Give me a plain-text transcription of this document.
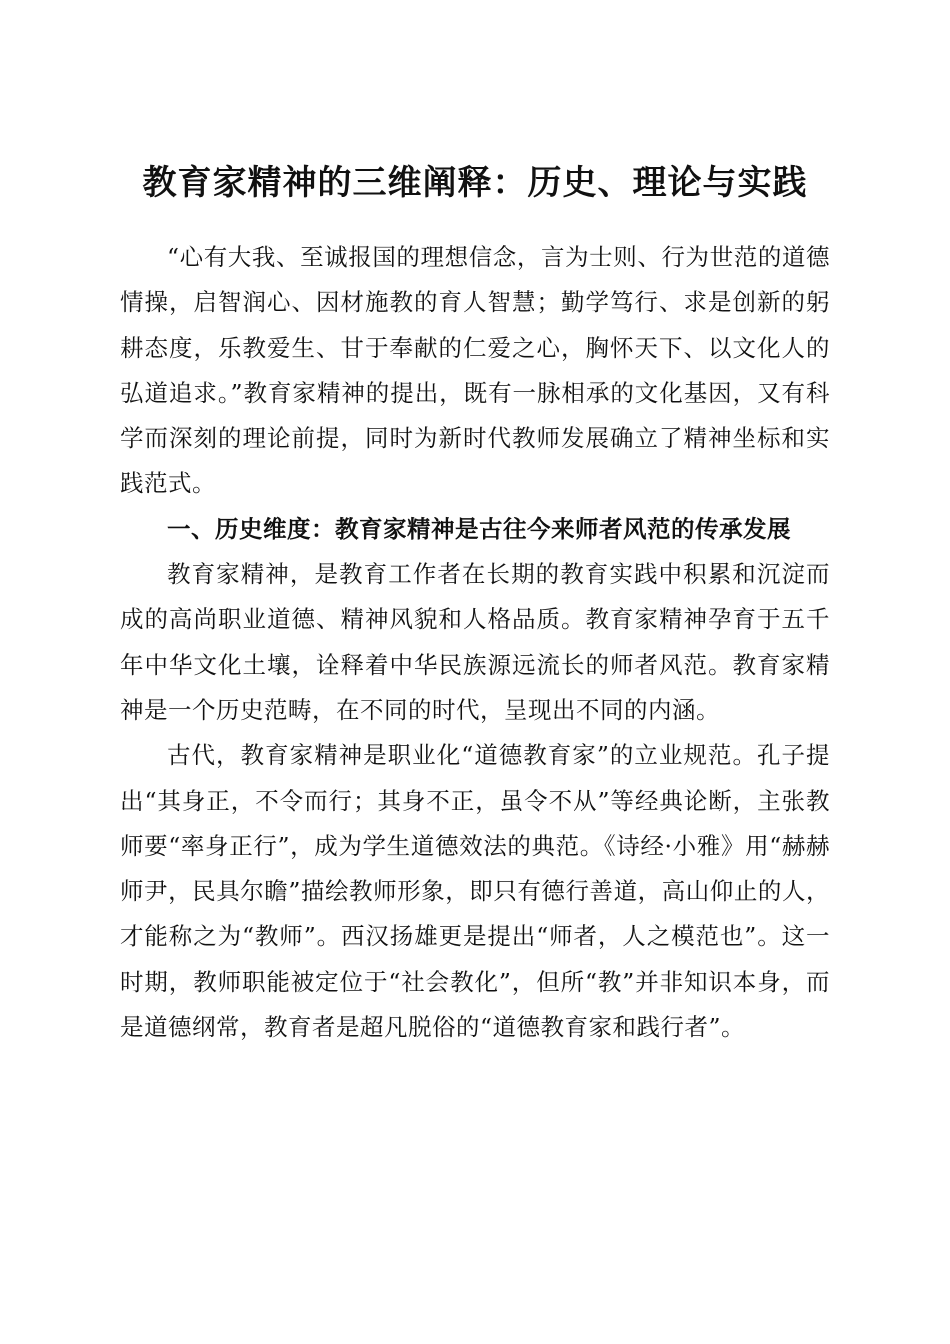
教育家精神的三维阐释：历史、理论与实践

“心有大我、至诚报国的理想信念，言为士则、行为世范的道德情操，启智润心、因材施教的育人智慧；勤学笃行、求是创新的躬耕态度，乐教爱生、甘于奉献的仁爱之心，胸怀天下、以文化人的弘道追求。”教育家精神的提出，既有一脉相承的文化基因，又有科学而深刻的理论前提，同时为新时代教师发展确立了精神坐标和实践范式。

一、历史维度：教育家精神是古往今来师者风范的传承发展

教育家精神，是教育工作者在长期的教育实践中积累和沉淀而成的高尚职业道德、精神风貌和人格品质。教育家精神孕育于五千年中华文化土壤，诠释着中华民族源远流长的师者风范。教育家精神是一个历史范畴，在不同的时代，呈现出不同的内涵。

古代，教育家精神是职业化“道德教育家”的立业规范。孔子提出“其身正，不令而行；其身不正，虽令不从”等经典论断，主张教师要“率身正行”，成为学生道德效法的典范。《诗经·小雅》用“赫赫师尹，民具尔瞻”描绘教师形象，即只有德行善道，高山仰止的人，才能称之为“教师”。西汉扬雄更是提出“师者，人之模范也”。这一时期，教师职能被定位于“社会教化”，但所“教”并非知识本身，而是道德纲常，教育者是超凡脱俗的“道德教育家和践行者”。
